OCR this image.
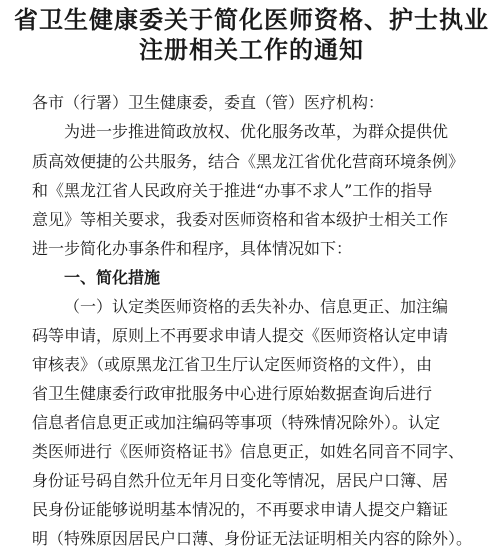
省卫生健康委关于简化医师资格、护士执业
注册相关工作的通知

各市（行署）卫生健康委，委直（管）医疗机构：

为进一步推进简政放权、优化服务改革，为群众提供优

质高效便捷的公共服务，结合《黑龙江省优化营商环境条例》

和《黑龙江省人民政府关于推进“办事不求人”工作的指导

意见》等相关要求，我委对医师资格和省本级护士相关工作

进一步简化办事条件和程序，具体情况如下：

一、简化措施

（一）认定类医师资格的丢失补办、信息更正、加注编

码等申请，原则上不再要求申请人提交《医师资格认定申请

审核表》（或原黑龙江省卫生厅认定医师资格的文件），由

省卫生健康委行政审批服务中心进行原始数据查询后进行

信息者信息更正或加注编码等事项（特殊情况除外）。认定

类医师进行《医师资格证书》信息更正，如姓名同音不同字、

身份证号码自然升位无年月日变化等情况，居民户口簿、居

民身份证能够说明基本情况的，不再要求申请人提交户籍证

明（特殊原因居民户口薄、身份证无法证明相关内容的除外）。
